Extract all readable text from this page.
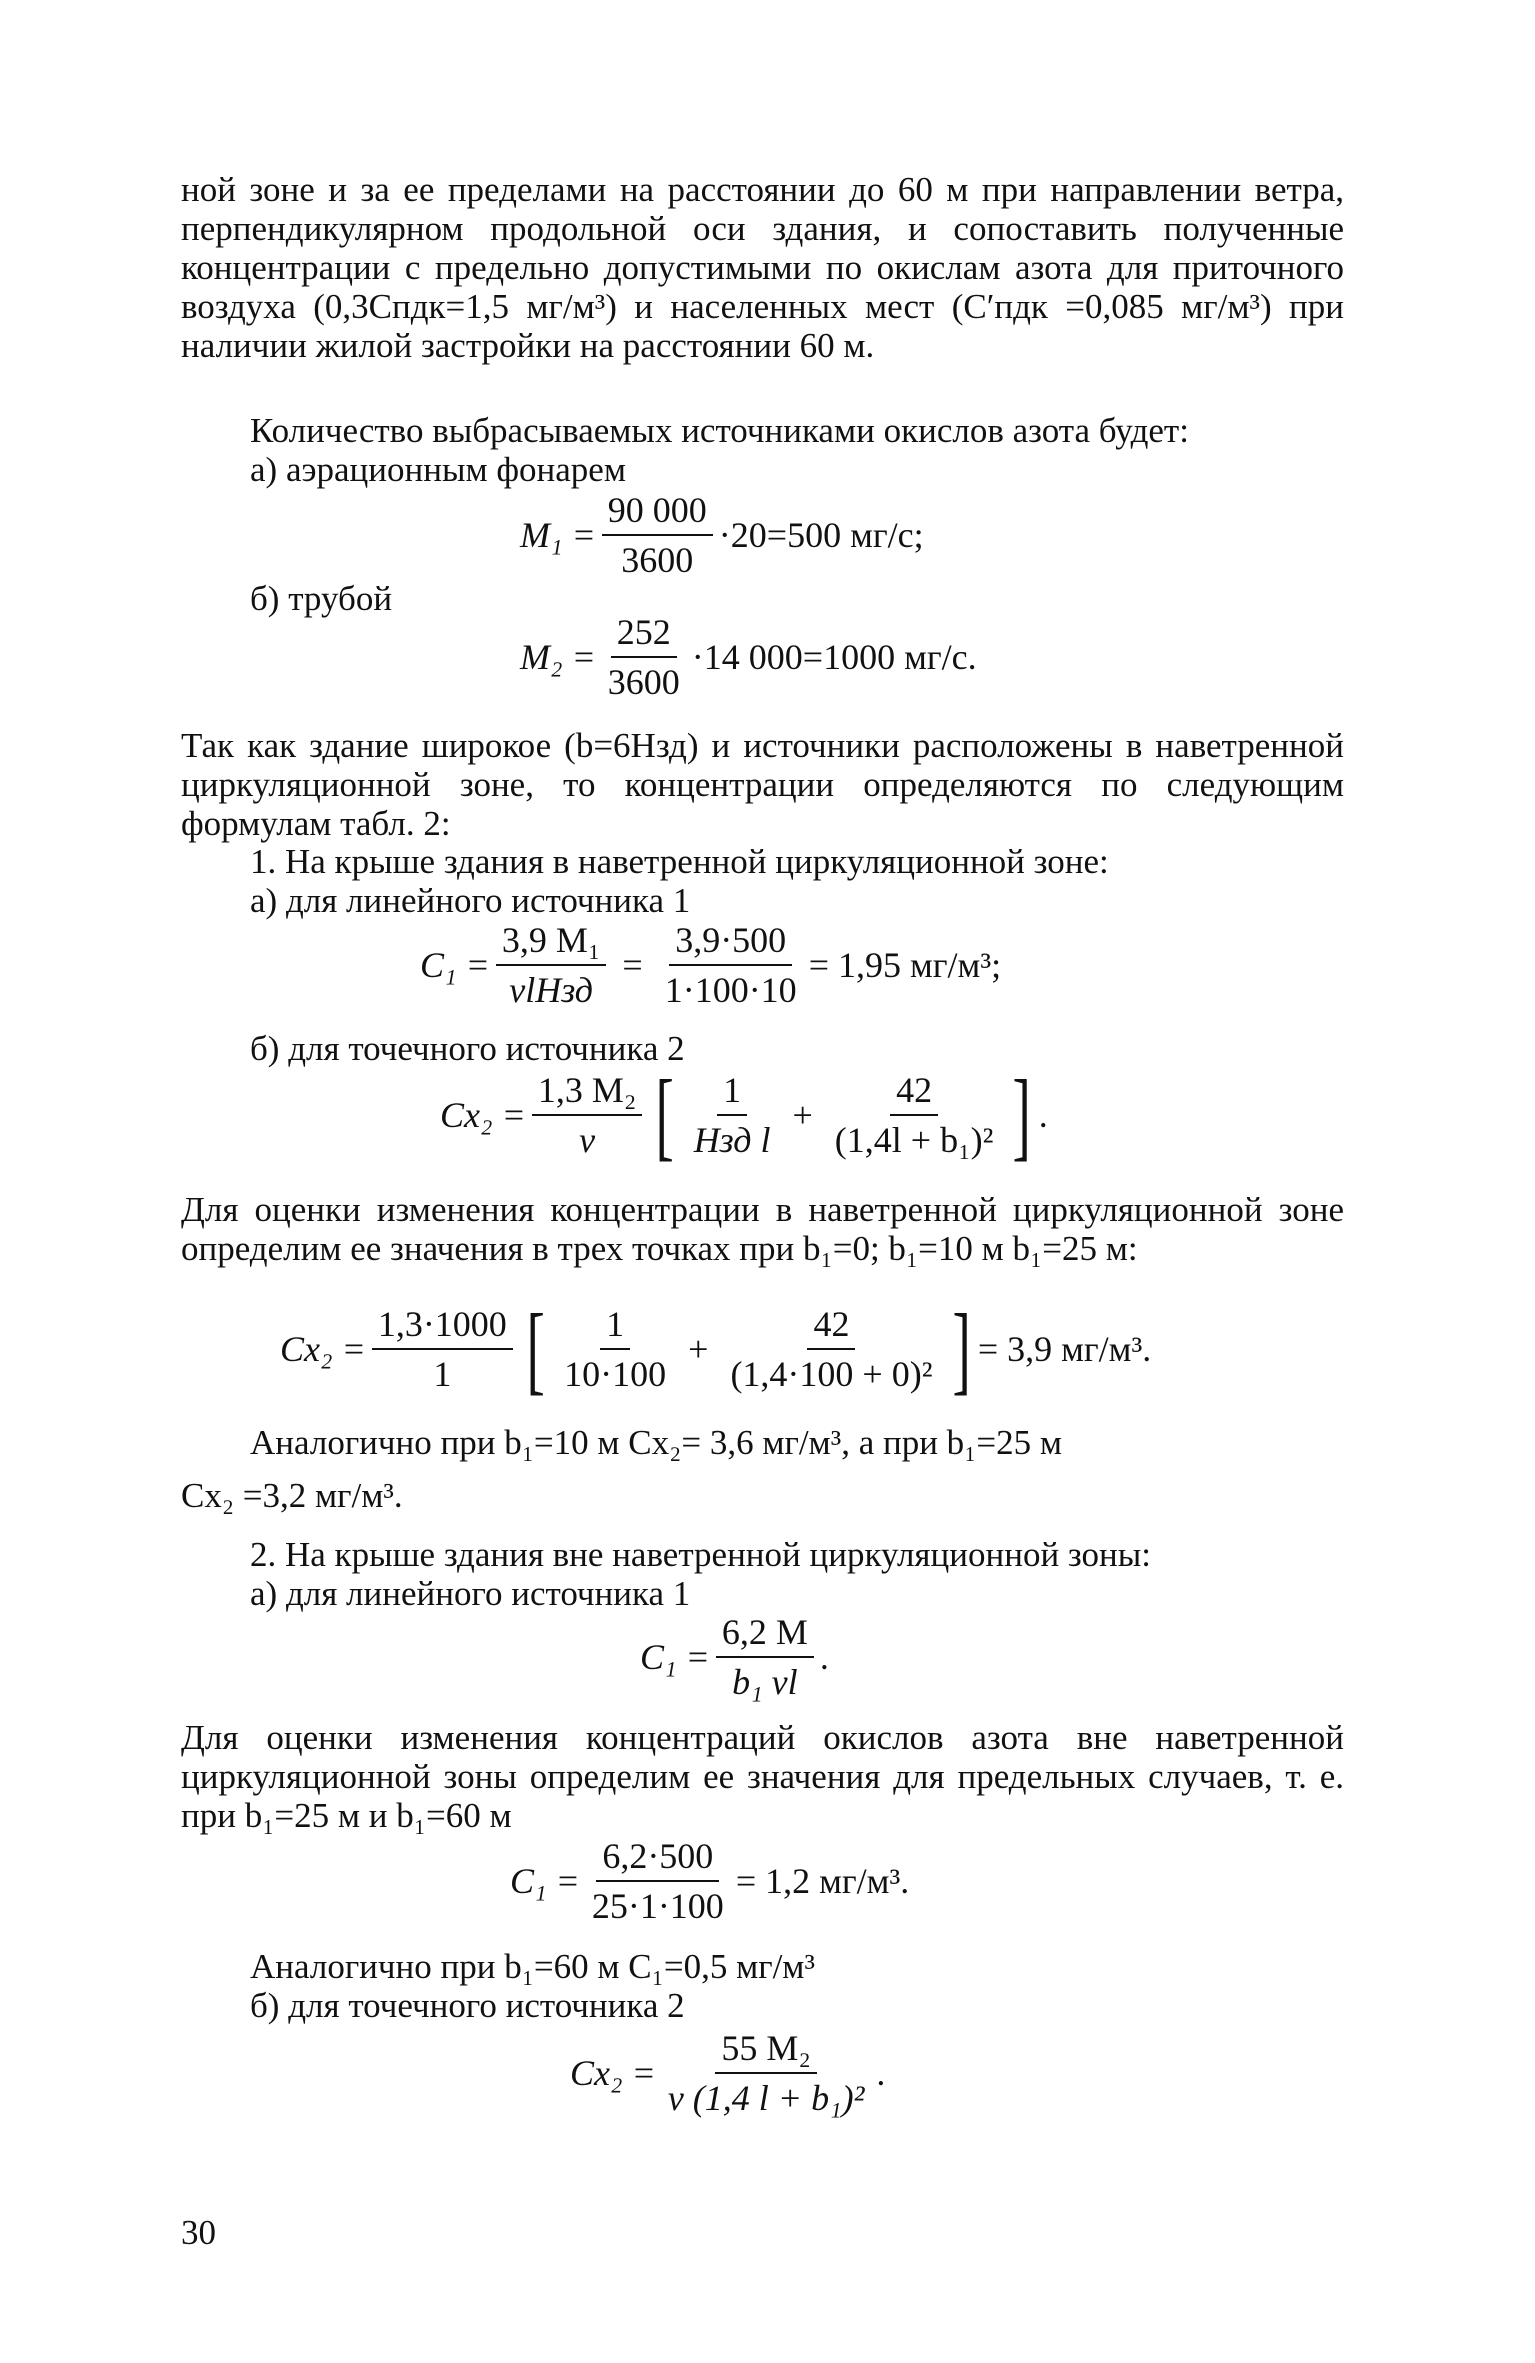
ной зоне и за ее пределами на расстоянии до 60 м при направлении ветра, перпендикулярном продольной оси здания, и сопоставить полученные концентрации с предельно допустимыми по окислам азота для приточного воздуха (0,3Cпдк=1,5 мг/м³) и населенных мест (C′пдк =0,085 мг/м³) при наличии жилой застройки на расстоянии 60 м.
Количество выбрасываемых источниками окислов азота будет:
а) аэрационным фонарем
$M_1 = \frac{90 000}{3600} \cdot 20=500$ мг/с;
б) трубой
$M_2 = \frac{252}{3600} \cdot 14$ 000=1000 мг/с.
Так как здание широкое (b=6Hзд) и источники расположены в наветренной циркуляционной зоне, то концентрации определяются по следующим формулам табл. 2:
1. На крыше здания в наветренной циркуляционной зоне:
а) для линейного источника 1
$C_1 = \frac{\text{3,9 M₁}}{\text{vlHзд}} = \frac{3,9\cdot 500}{1\cdot 100\cdot 10} = 1,95$ мг/м³;
б) для точечного источника 2
$Cx_2 = \frac{\text{1,3 M₂}}{v}$ [ $\frac{1}{\text{Hзд l}} + \frac{42}{\text{(1,4l + b₁)²}}$ ] .
Для оценки изменения концентрации в наветренной циркуляционной зоне определим ее значения в трех точках при b₁=0; b₁=10 м b₁=25 м:
$Cx_2 = \frac{1,3\cdot 1000}{1}$ [ $\frac{1}{10\cdot 100} + \frac{42}{\text{(1,4·100 + 0)²}}$ ] = 3,9 мг/м³.
Аналогично при b₁=10 м Cx₂= 3,6 мг/м³, а при b₁=25 м
Cx₂ =3,2 мг/м³.
2. На крыше здания вне наветренной циркуляционной зоны:
а) для линейного источника 1
$C_1 = \frac{6,2 M}{\text{b₁ vl}}$ .
Для оценки изменения концентраций окислов азота вне наветренной циркуляционной зоны определим ее значения для предельных случаев, т. е. при b₁=25 м и b₁=60 м
$C_1 = \frac{6,2\cdot 500}{25\cdot 1\cdot 100} = 1,2$ мг/м³.
Аналогично при b₁=60 м C₁=0,5 мг/м³
б) для точечного источника 2
$Cx_2 = \frac{\text{55 M₂}}{\text{v (1,4 l + b₁)²}}$ .
30
